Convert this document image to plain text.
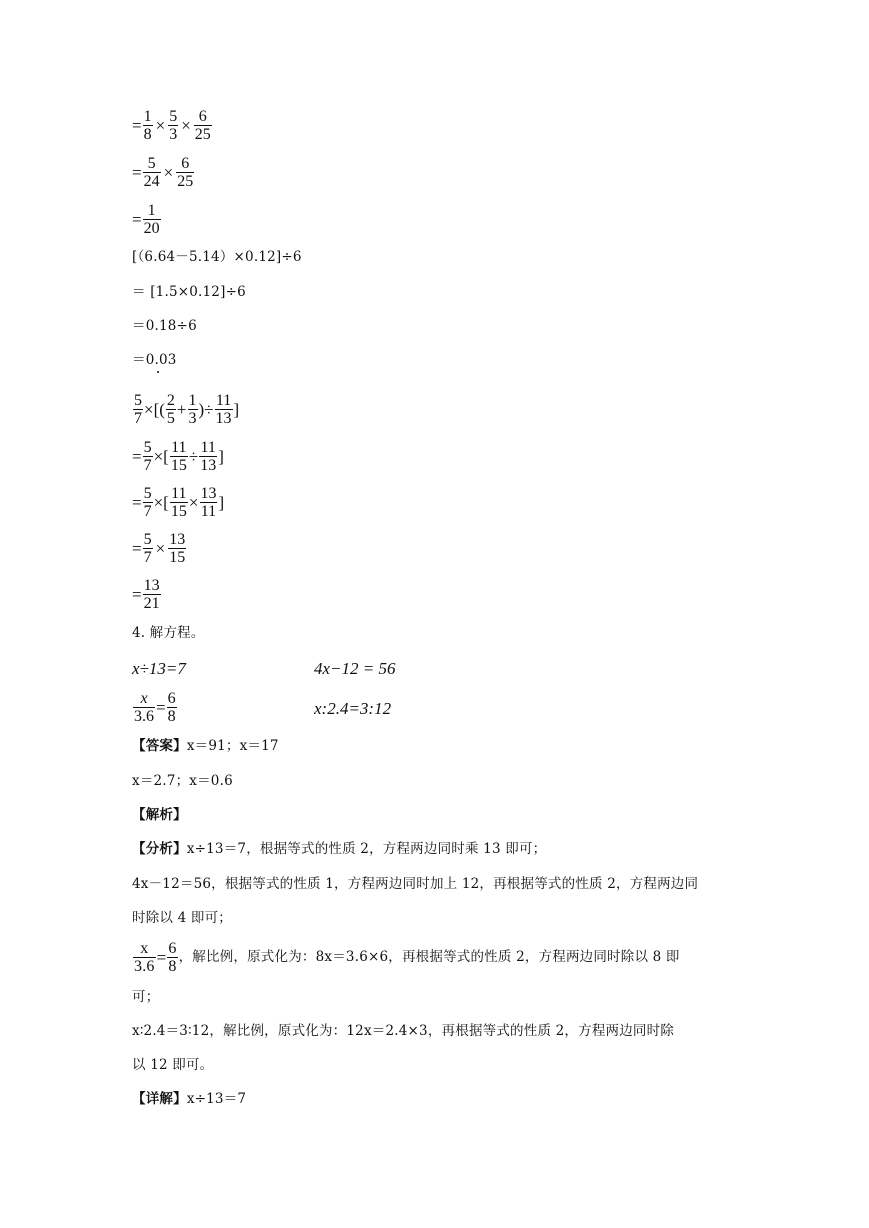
= $\frac{1}{8} \times \frac{5}{3} \times \frac{6}{25}$
= $\frac{5}{24} \times \frac{6}{25}$
= $\frac{1}{20}$
[（6.64－5.14）×0.12]÷6
＝ [1.5×0.12]÷6
＝0.18÷6
＝0.03
$\frac{5}{7}$ ×[( $\frac{2}{5} + \frac{1}{3}$ )÷ $\frac{11}{13}$ ]
= $\frac{5}{7}$ ×[ $\frac{11}{15} \div \frac{11}{13}$ ]
= $\frac{5}{7}$ ×[ $\frac{11}{15} \times \frac{13}{11}$ ]
= $\frac{5}{7} \times \frac{13}{15}$
= $\frac{13}{21}$
4. 解方程。
x÷13=7	4x−12 = 56
$\frac{x}{3.6} = \frac{6}{8}$	x:2.4=3:12
【答案】 x＝91；x＝17
x＝2.7；x＝0.6
【解析】
【分析】 x÷13＝7，根据等式的性质 2，方程两边同时乘 13 即可；
4x－12＝56，根据等式的性质 1，方程两边同时加上 12，再根据等式的性质 2，方程两边同
时除以 4 即可；
$\frac{x}{3.6} = \frac{6}{8}$ ，解比例，原式化为：8x＝3.6×6，再根据等式的性质 2，方程两边同时除以 8 即
可；
x∶2.4＝3∶12，解比例，原式化为：12x＝2.4×3，再根据等式的性质 2，方程两边同时除
以 12 即可。
【详解】 x÷13＝7
